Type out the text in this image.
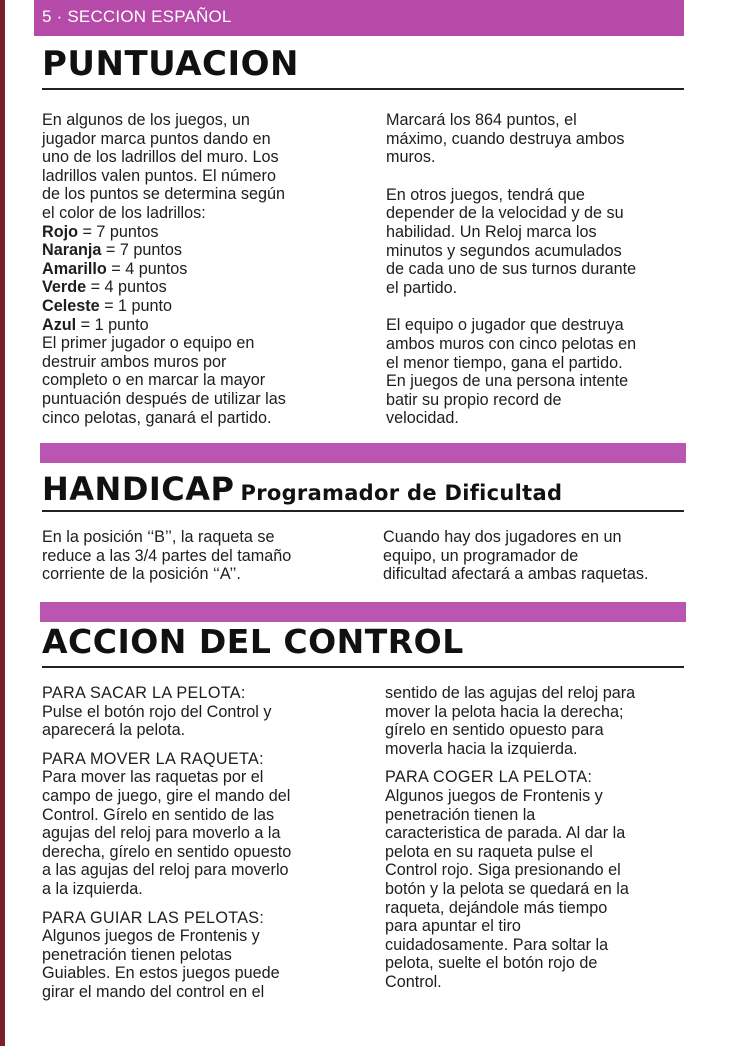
5 · SECCION ESPAÑOL
PUNTUACION

En algunos de los juegos, un

jugador marca puntos dando en

uno de los ladrillos del muro. Los

ladrillos valen puntos. El número

de los puntos se determina según

el color de los ladrillos:

Rojo = 7 puntos

Naranja = 7 puntos

Amarillo = 4 puntos

Verde = 4 puntos

Celeste = 1 punto

Azul = 1 punto

El primer jugador o equipo en

destruir ambos muros por

completo o en marcar la mayor

puntuación después de utilizar las

cinco pelotas, ganará el partido.

Marcará los 864 puntos, el

máximo, cuando destruya ambos

muros.

En otros juegos, tendrá que

depender de la velocidad y de su

habilidad. Un Reloj marca los

minutos y segundos acumulados

de cada uno de sus turnos durante

el partido.

El equipo o jugador que destruya

ambos muros con cinco pelotas en

el menor tiempo, gana el partido.

En juegos de una persona intente

batir su propio record de

velocidad.

HANDICAP Programador de Dificultad

En la posición ‘‘B’’, la raqueta se

reduce a las 3/4 partes del tamaño

corriente de la posición ‘‘A’’.

Cuando hay dos jugadores en un

equipo, un programador de

dificultad afectará a ambas raquetas.

ACCION DEL CONTROL

PARA SACAR LA PELOTA:

Pulse el botón rojo del Control y

aparecerá la pelota.

PARA MOVER LA RAQUETA:

Para mover las raquetas por el

campo de juego, gire el mando del

Control. Gírelo en sentido de las

agujas del reloj para moverlo a la

derecha, gírelo en sentido opuesto

a las agujas del reloj para moverlo

a la izquierda.

PARA GUIAR LAS PELOTAS:

Algunos juegos de Frontenis y

penetración tienen pelotas

Guiables. En estos juegos puede

girar el mando del control en el

sentido de las agujas del reloj para

mover la pelota hacia la derecha;

gírelo en sentido opuesto para

moverla hacia la izquierda.

PARA COGER LA PELOTA:

Algunos juegos de Frontenis y

penetración tienen la

caracteristica de parada. Al dar la

pelota en su raqueta pulse el

Control rojo. Siga presionando el

botón y la pelota se quedará en la

raqueta, dejándole más tiempo

para apuntar el tiro

cuidadosamente. Para soltar la

pelota, suelte el botón rojo de

Control.
